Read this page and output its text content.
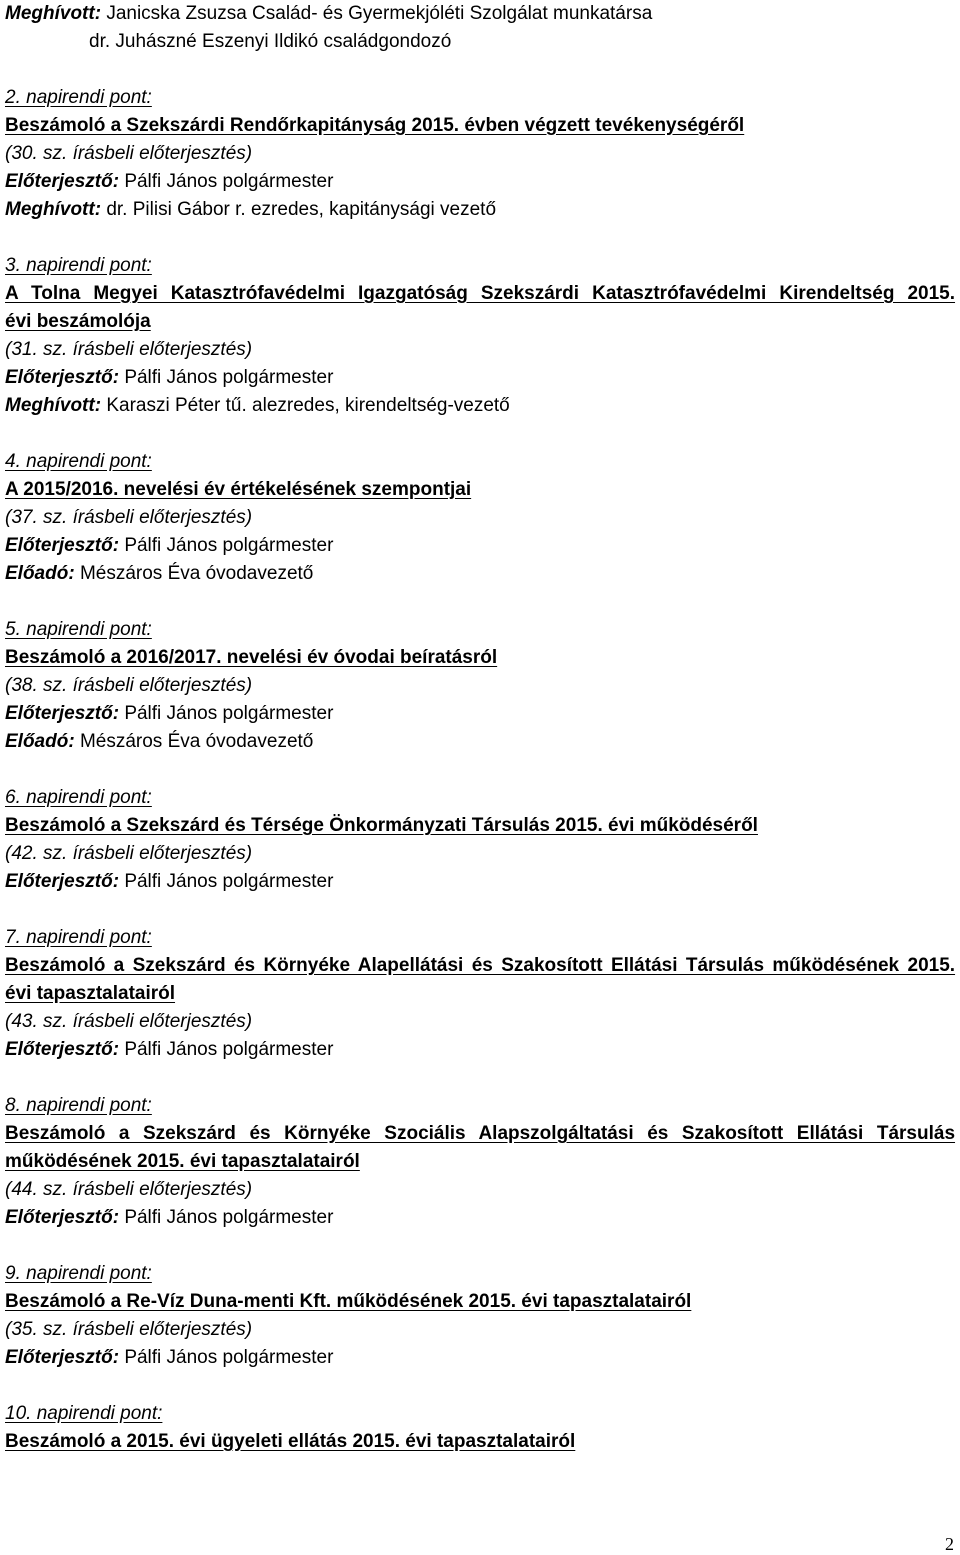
Meghívott: Janicska Zsuzsa Család- és Gyermekjóléti Szolgálat munkatársa
dr. Juhászné Eszenyi Ildikó családgondozó
2. napirendi pont:
Beszámoló a Szekszárdi Rendőrkapitányság 2015. évben végzett tevékenységéről
(30. sz. írásbeli előterjesztés)
Előterjesztő: Pálfi János polgármester
Meghívott: dr. Pilisi Gábor r. ezredes, kapitánysági vezető
3. napirendi pont:
A Tolna Megyei Katasztrófavédelmi Igazgatóság Szekszárdi Katasztrófavédelmi Kirendeltség 2015.
évi beszámolója
(31. sz. írásbeli előterjesztés)
Előterjesztő: Pálfi János polgármester
Meghívott: Karaszi Péter tű. alezredes, kirendeltség-vezető
4. napirendi pont:
A 2015/2016. nevelési év értékelésének szempontjai
(37. sz. írásbeli előterjesztés)
Előterjesztő: Pálfi János polgármester
Előadó: Mészáros Éva óvodavezető
5. napirendi pont:
Beszámoló a 2016/2017. nevelési év óvodai beíratásról
(38. sz. írásbeli előterjesztés)
Előterjesztő: Pálfi János polgármester
Előadó: Mészáros Éva óvodavezető
6. napirendi pont:
Beszámoló a Szekszárd és Térsége Önkormányzati Társulás 2015. évi működéséről
(42. sz. írásbeli előterjesztés)
Előterjesztő: Pálfi János polgármester
7. napirendi pont:
Beszámoló a Szekszárd és Környéke Alapellátási és Szakosított Ellátási Társulás működésének 2015.
évi tapasztalatairól
(43. sz. írásbeli előterjesztés)
Előterjesztő: Pálfi János polgármester
8. napirendi pont:
Beszámoló a Szekszárd és Környéke Szociális Alapszolgáltatási és Szakosított Ellátási Társulás
működésének 2015. évi tapasztalatairól
(44. sz. írásbeli előterjesztés)
Előterjesztő: Pálfi János polgármester
9. napirendi pont:
Beszámoló a Re-Víz Duna-menti Kft. működésének 2015. évi tapasztalatairól
(35. sz. írásbeli előterjesztés)
Előterjesztő: Pálfi János polgármester
10. napirendi pont:
Beszámoló a 2015. évi ügyeleti ellátás 2015. évi tapasztalatairól
2
